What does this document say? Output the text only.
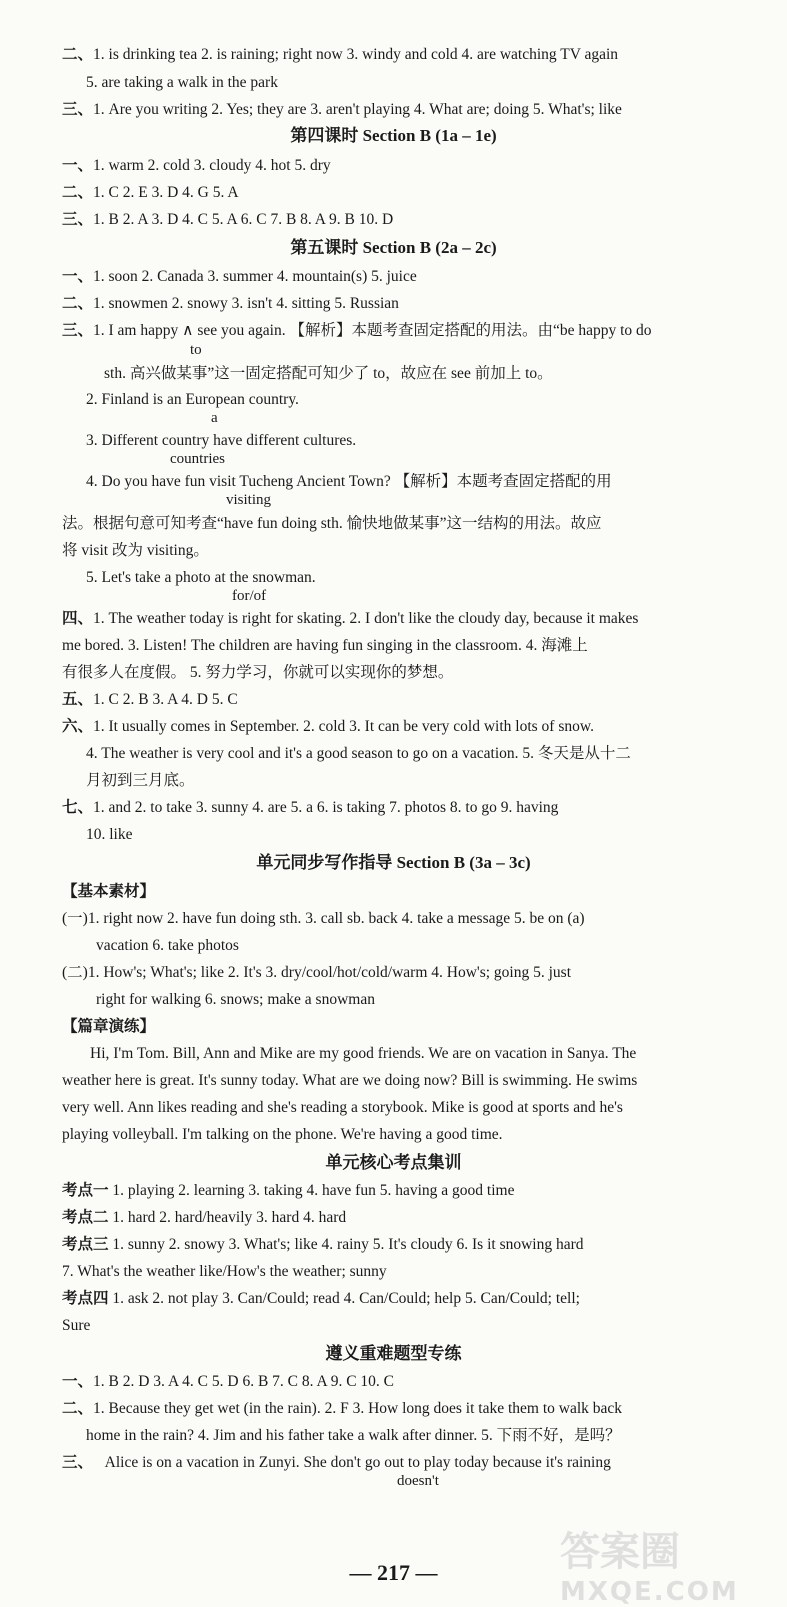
二、1. is drinking tea 2. is raining; right now 3. windy and cold 4. are watching TV again
5. are taking a walk in the park
三、1. Are you writing 2. Yes; they are 3. aren't playing 4. What are; doing 5. What's; like
第四课时 Section B (1a – 1e)
一、1. warm 2. cold 3. cloudy 4. hot 5. dry
二、1. C 2. E 3. D 4. G 5. A
三、1. B 2. A 3. D 4. C 5. A 6. C 7. B 8. A 9. B 10. D
第五课时 Section B (2a – 2c)
一、1. soon 2. Canada 3. summer 4. mountain(s) 5. juice
二、1. snowmen 2. snowy 3. isn't 4. sitting 5. Russian
三、1. I am happy ∧ see you again. 【解析】本题考查固定搭配的用法。由“be happy to do
to
sth. 高兴做某事”这一固定搭配可知少了 to，故应在 see 前加上 to。
2. Finland is an European country.
a
3. Different country have different cultures.
countries
4. Do you have fun visit Tucheng Ancient Town? 【解析】本题考查固定搭配的用
visiting
法。根据句意可知考查“have fun doing sth. 愉快地做某事”这一结构的用法。故应
将 visit 改为 visiting。
5. Let's take a photo at the snowman.
for/of
四、1. The weather today is right for skating. 2. I don't like the cloudy day, because it makes
me bored. 3. Listen! The children are having fun singing in the classroom. 4. 海滩上
有很多人在度假。 5. 努力学习，你就可以实现你的梦想。
五、1. C 2. B 3. A 4. D 5. C
六、1. It usually comes in September. 2. cold 3. It can be very cold with lots of snow.
4. The weather is very cool and it's a good season to go on a vacation. 5. 冬天是从十二
月初到三月底。
七、1. and 2. to take 3. sunny 4. are 5. a 6. is taking 7. photos 8. to go 9. having
10. like
单元同步写作指导 Section B (3a – 3c)
【基本素材】
(一)1. right now 2. have fun doing sth. 3. call sb. back 4. take a message 5. be on (a)
vacation 6. take photos
(二)1. How's; What's; like 2. It's 3. dry/cool/hot/cold/warm 4. How's; going 5. just
right for walking 6. snows; make a snowman
【篇章演练】
Hi, I'm Tom. Bill, Ann and Mike are my good friends. We are on vacation in Sanya. The
weather here is great. It's sunny today. What are we doing now? Bill is swimming. He swims
very well. Ann likes reading and she's reading a storybook. Mike is good at sports and he's
playing volleyball. I'm talking on the phone. We're having a good time.
单元核心考点集训
考点一 1. playing 2. learning 3. taking 4. have fun 5. having a good time
考点二 1. hard 2. hard/heavily 3. hard 4. hard
考点三 1. sunny 2. snowy 3. What's; like 4. rainy 5. It's cloudy 6. Is it snowing hard
7. What's the weather like/How's the weather; sunny
考点四 1. ask 2. not play 3. Can/Could; read 4. Can/Could; help 5. Can/Could; tell;
Sure
遵义重难题型专练
一、1. B 2. D 3. A 4. C 5. D 6. B 7. C 8. A 9. C 10. C
二、1. Because they get wet (in the rain). 2. F 3. How long does it take them to walk back
home in the rain? 4. Jim and his father take a walk after dinner. 5. 下雨不好，是吗？
三、 Alice is on a vacation in Zunyi. She don't go out to play today because it's raining
doesn't
— 217 —	答案圈
MXQE.COM
